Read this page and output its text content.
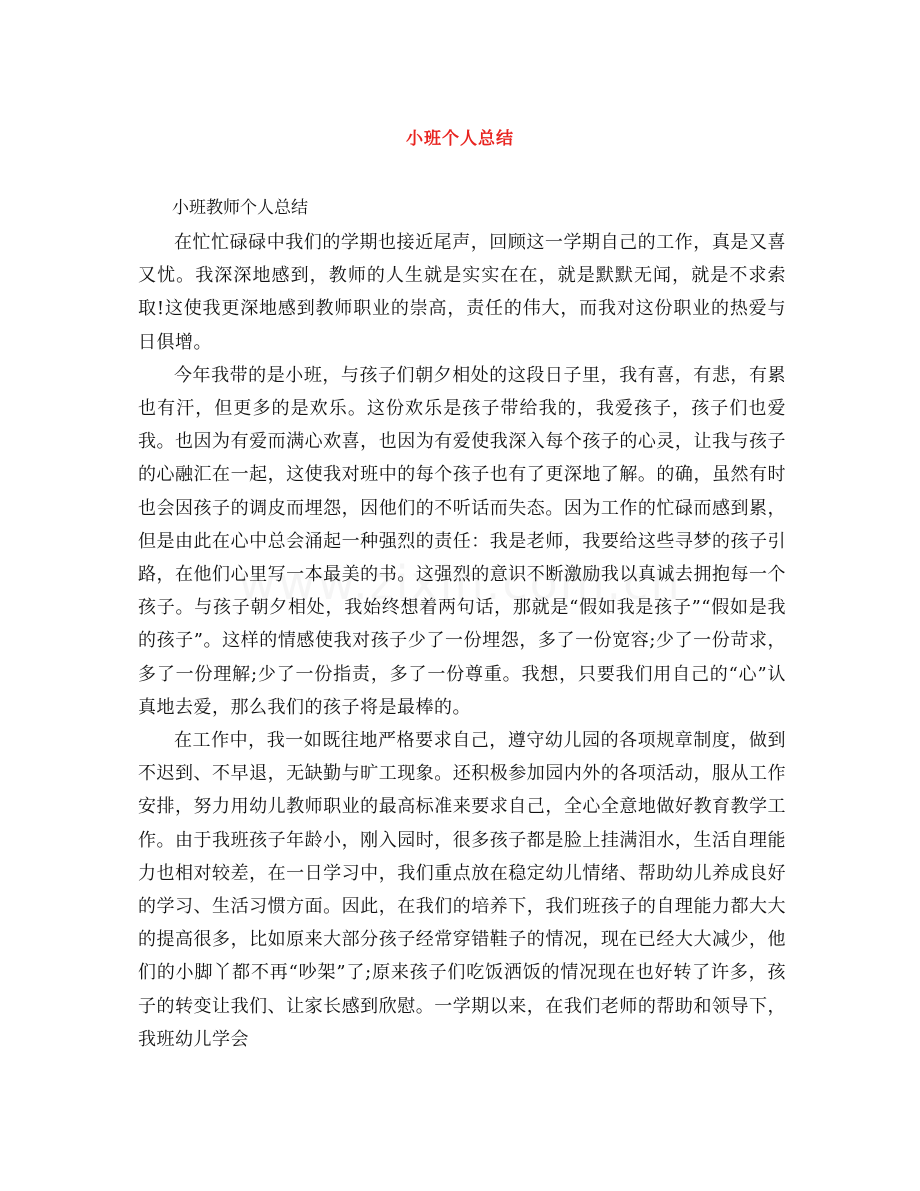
小班个人总结
小班教师个人总结

在忙忙碌碌中我们的学期也接近尾声，回顾这一学期自己的工作，真是又喜又忧。我深深地感到，教师的人生就是实实在在，就是默默无闻，就是不求索取!这使我更深地感到教师职业的崇高，责任的伟大，而我对这份职业的热爱与日俱增。

今年我带的是小班，与孩子们朝夕相处的这段日子里，我有喜，有悲，有累也有汗，但更多的是欢乐。这份欢乐是孩子带给我的，我爱孩子，孩子们也爱我。也因为有爱而满心欢喜，也因为有爱使我深入每个孩子的心灵，让我与孩子的心融汇在一起，这使我对班中的每个孩子也有了更深地了解。的确，虽然有时也会因孩子的调皮而埋怨，因他们的不听话而失态。因为工作的忙碌而感到累，但是由此在心中总会涌起一种强烈的责任：我是老师，我要给这些寻梦的孩子引路，在他们心里写一本最美的书。这强烈的意识不断激励我以真诚去拥抱每一个孩子。与孩子朝夕相处，我始终想着两句话，那就是“假如我是孩子”“假如是我的孩子”。这样的情感使我对孩子少了一份埋怨，多了一份宽容;少了一份苛求，多了一份理解;少了一份指责，多了一份尊重。我想，只要我们用自己的“心”认真地去爱，那么我们的孩子将是最棒的。

在工作中，我一如既往地严格要求自己，遵守幼儿园的各项规章制度，做到不迟到、不早退，无缺勤与旷工现象。还积极参加园内外的各项活动，服从工作安排，努力用幼儿教师职业的最高标准来要求自己，全心全意地做好教育教学工作。由于我班孩子年龄小，刚入园时，很多孩子都是脸上挂满泪水，生活自理能力也相对较差，在一日学习中，我们重点放在稳定幼儿情绪、帮助幼儿养成良好的学习、生活习惯方面。因此，在我们的培养下，我们班孩子的自理能力都大大的提高很多，比如原来大部分孩子经常穿错鞋子的情况，现在已经大大减少，他们的小脚丫都不再“吵架”了;原来孩子们吃饭洒饭的情况现在也好转了许多，孩子的转变让我们、让家长感到欣慰。一学期以来，在我们老师的帮助和领导下，我班幼儿学会
